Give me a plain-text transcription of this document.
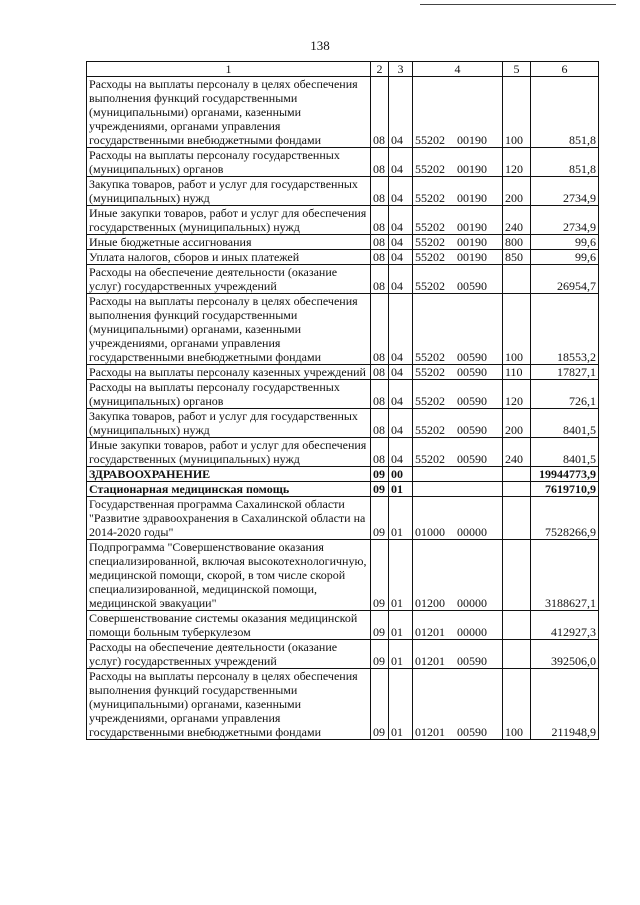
138
1	2	3	4	5	6
Расходы на выплаты персоналу в целях обеспечения выполнения функций государственными (муниципальными) органами, казенными учреждениями, органами управления государственными внебюджетными фондами	08	04	55202 00190	100	851,8
Расходы на выплаты персоналу государственных (муниципальных) органов	08	04	55202 00190	120	851,8
Закупка товаров, работ и услуг для государственных (муниципальных) нужд	08	04	55202 00190	200	2734,9
Иные закупки товаров, работ и услуг для обеспечения государственных (муниципальных) нужд	08	04	55202 00190	240	2734,9
Иные бюджетные ассигнования	08	04	55202 00190	800	99,6
Уплата налогов, сборов и иных платежей	08	04	55202 00190	850	99,6
Расходы на обеспечение деятельности (оказание услуг) государственных учреждений	08	04	55202 00590		26954,7
Расходы на выплаты персоналу в целях обеспечения выполнения функций государственными (муниципальными) органами, казенными учреждениями, органами управления государственными внебюджетными фондами	08	04	55202 00590	100	18553,2
Расходы на выплаты персоналу казенных учреждений	08	04	55202 00590	110	17827,1
Расходы на выплаты персоналу государственных (муниципальных) органов	08	04	55202 00590	120	726,1
Закупка товаров, работ и услуг для государственных (муниципальных) нужд	08	04	55202 00590	200	8401,5
Иные закупки товаров, работ и услуг для обеспечения государственных (муниципальных) нужд	08	04	55202 00590	240	8401,5
ЗДРАВООХРАНЕНИЕ	09	00			19944773,9
Стационарная медицинская помощь	09	01			7619710,9
Государственная программа Сахалинской области "Развитие здравоохранения в Сахалинской области на 2014-2020 годы"	09	01	01000 00000		7528266,9
Подпрограмма "Совершенствование оказания специализированной, включая высокотехнологичную, медицинской помощи, скорой, в том числе скорой специализированной, медицинской помощи, медицинской эвакуации"	09	01	01200 00000		3188627,1
Совершенствование системы оказания медицинской помощи больным туберкулезом	09	01	01201 00000		412927,3
Расходы на обеспечение деятельности (оказание услуг) государственных учреждений	09	01	01201 00590		392506,0
Расходы на выплаты персоналу в целях обеспечения выполнения функций государственными (муниципальными) органами, казенными учреждениями, органами управления государственными внебюджетными фондами	09	01	01201 00590	100	211948,9
